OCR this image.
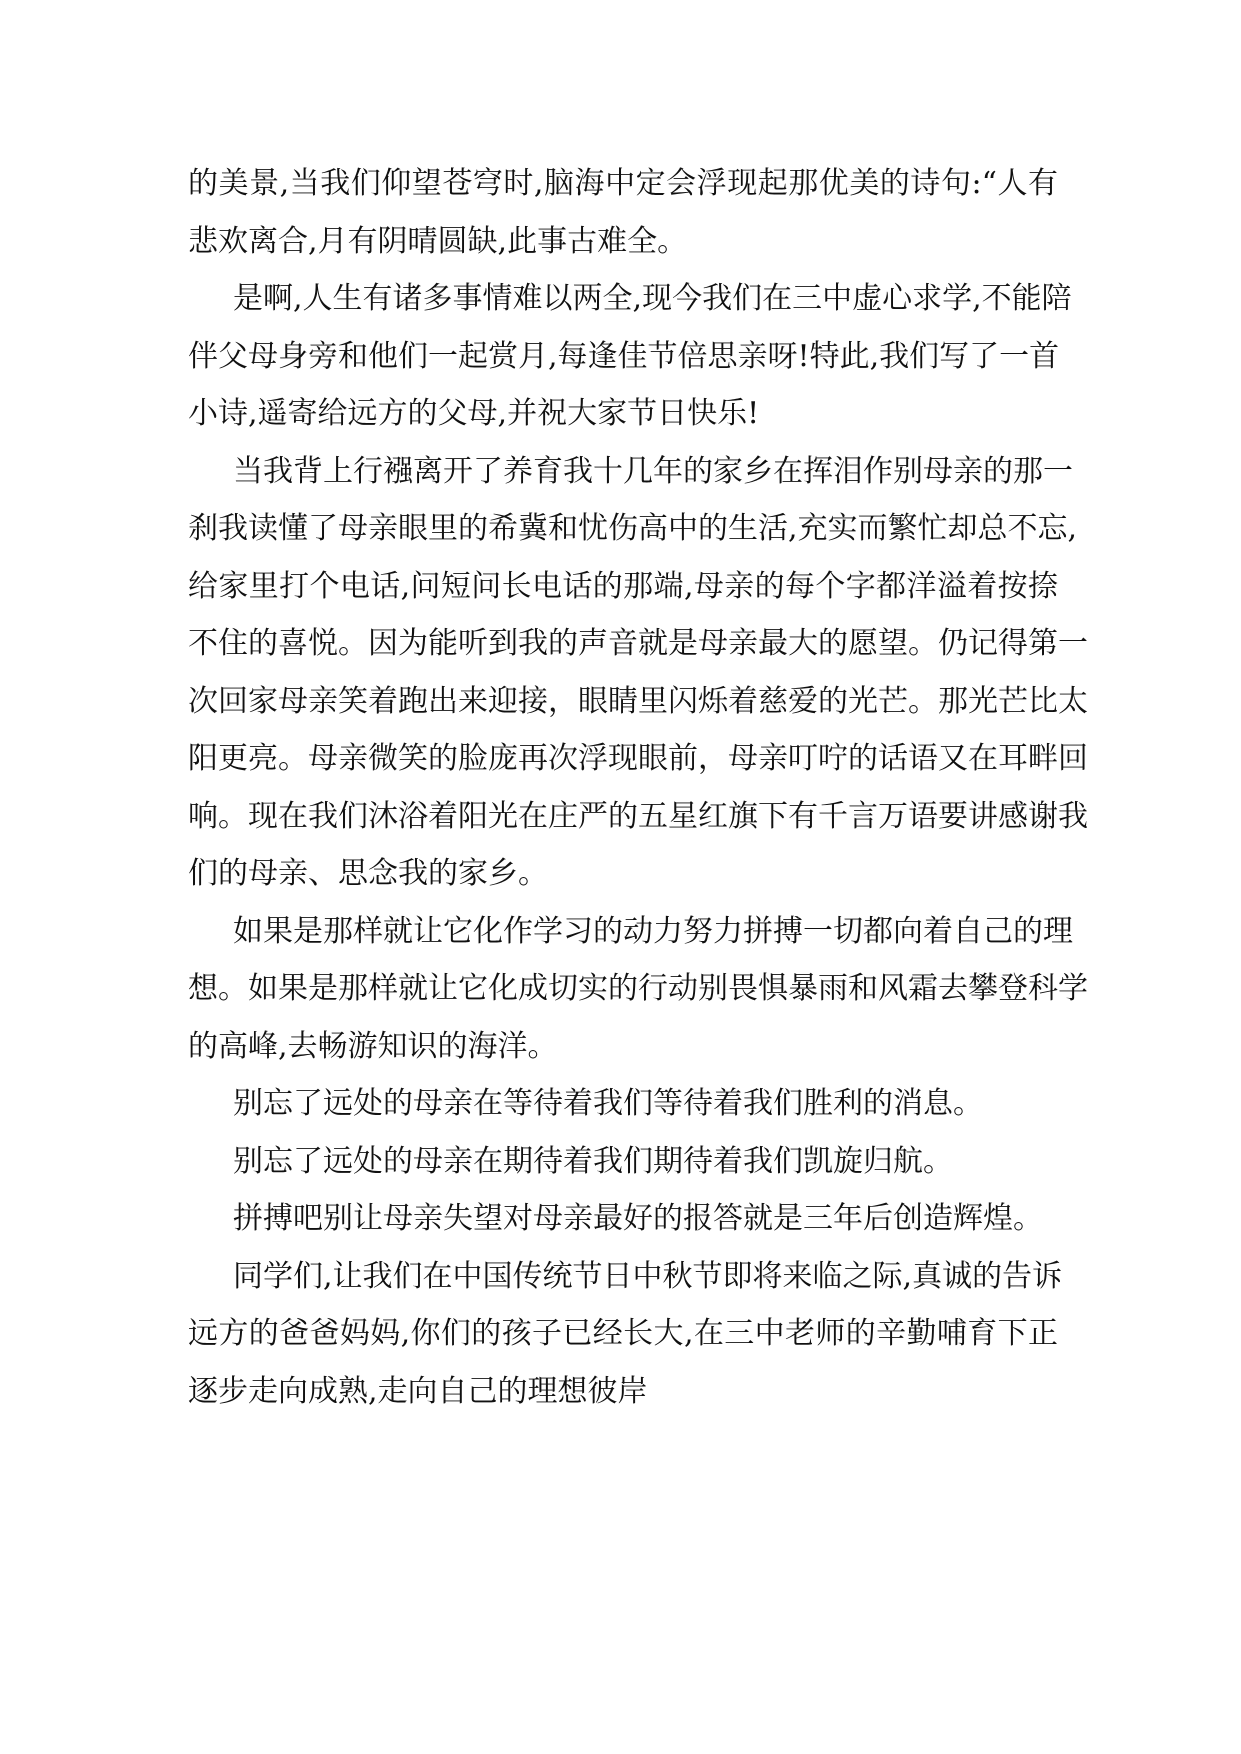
的美景,当我们仰望苍穹时,脑海中定会浮现起那优美的诗句:“人有
悲欢离合,月有阴晴圆缺,此事古难全。
是啊,人生有诸多事情难以两全,现今我们在三中虚心求学,不能陪
伴父母身旁和他们一起赏月,每逢佳节倍思亲呀!特此,我们写了一首
小诗,遥寄给远方的父母,并祝大家节日快乐!
当我背上行襁离开了养育我十几年的家乡在挥泪作别母亲的那一
刹我读懂了母亲眼里的希冀和忧伤高中的生活,充实而繁忙却总不忘,
给家里打个电话,问短问长电话的那端,母亲的每个字都洋溢着按捺
不住的喜悦。因为能听到我的声音就是母亲最大的愿望。仍记得第一
次回家母亲笑着跑出来迎接，眼睛里闪烁着慈爱的光芒。那光芒比太
阳更亮。母亲微笑的脸庞再次浮现眼前，母亲叮咛的话语又在耳畔回
响。现在我们沐浴着阳光在庄严的五星红旗下有千言万语要讲感谢我
们的母亲、思念我的家乡。
如果是那样就让它化作学习的动力努力拼搏一切都向着自己的理
想。如果是那样就让它化成切实的行动别畏惧暴雨和风霜去攀登科学
的高峰,去畅游知识的海洋。
别忘了远处的母亲在等待着我们等待着我们胜利的消息。
别忘了远处的母亲在期待着我们期待着我们凯旋归航。
拼搏吧别让母亲失望对母亲最好的报答就是三年后创造辉煌。
同学们,让我们在中国传统节日中秋节即将来临之际,真诚的告诉
远方的爸爸妈妈,你们的孩子已经长大,在三中老师的辛勤哺育下正
逐步走向成熟,走向自己的理想彼岸
